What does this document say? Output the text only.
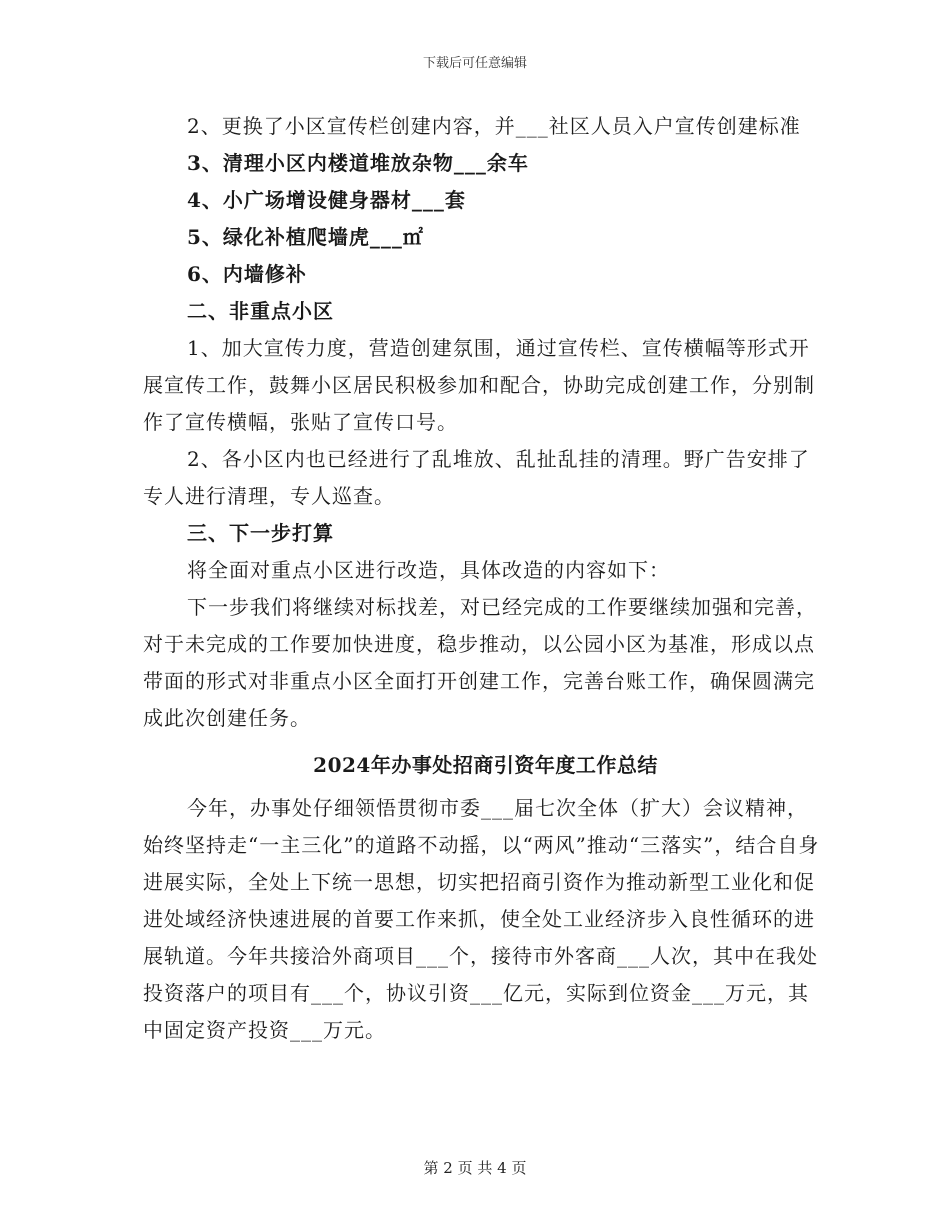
下载后可任意编辑

2、更换了小区宣传栏创建内容，并___社区人员入户宣传创建标准

3、清理小区内楼道堆放杂物___余车

4、小广场增设健身器材___套

5、绿化补植爬墙虎___㎡

6、内墙修补

二、非重点小区

1、加大宣传力度，营造创建氛围，通过宣传栏、宣传横幅等形式开展宣传工作，鼓舞小区居民积极参加和配合，协助完成创建工作，分别制作了宣传横幅，张贴了宣传口号。

2、各小区内也已经进行了乱堆放、乱扯乱挂的清理。野广告安排了专人进行清理，专人巡查。

三、下一步打算

将全面对重点小区进行改造，具体改造的内容如下：

下一步我们将继续对标找差，对已经完成的工作要继续加强和完善，对于未完成的工作要加快进度，稳步推动，以公园小区为基准，形成以点带面的形式对非重点小区全面打开创建工作，完善台账工作，确保圆满完成此次创建任务。

2024年办事处招商引资年度工作总结

今年，办事处仔细领悟贯彻市委___届七次全体（扩大）会议精神，始终坚持走“一主三化”的道路不动摇，以“两风”推动“三落实”，结合自身进展实际，全处上下统一思想，切实把招商引资作为推动新型工业化和促进处域经济快速进展的首要工作来抓，使全处工业经济步入良性循环的进展轨道。今年共接洽外商项目___个，接待市外客商___人次，其中在我处投资落户的项目有___个，协议引资___亿元，实际到位资金___万元，其中固定资产投资___万元。

第 2 页 共 4 页
